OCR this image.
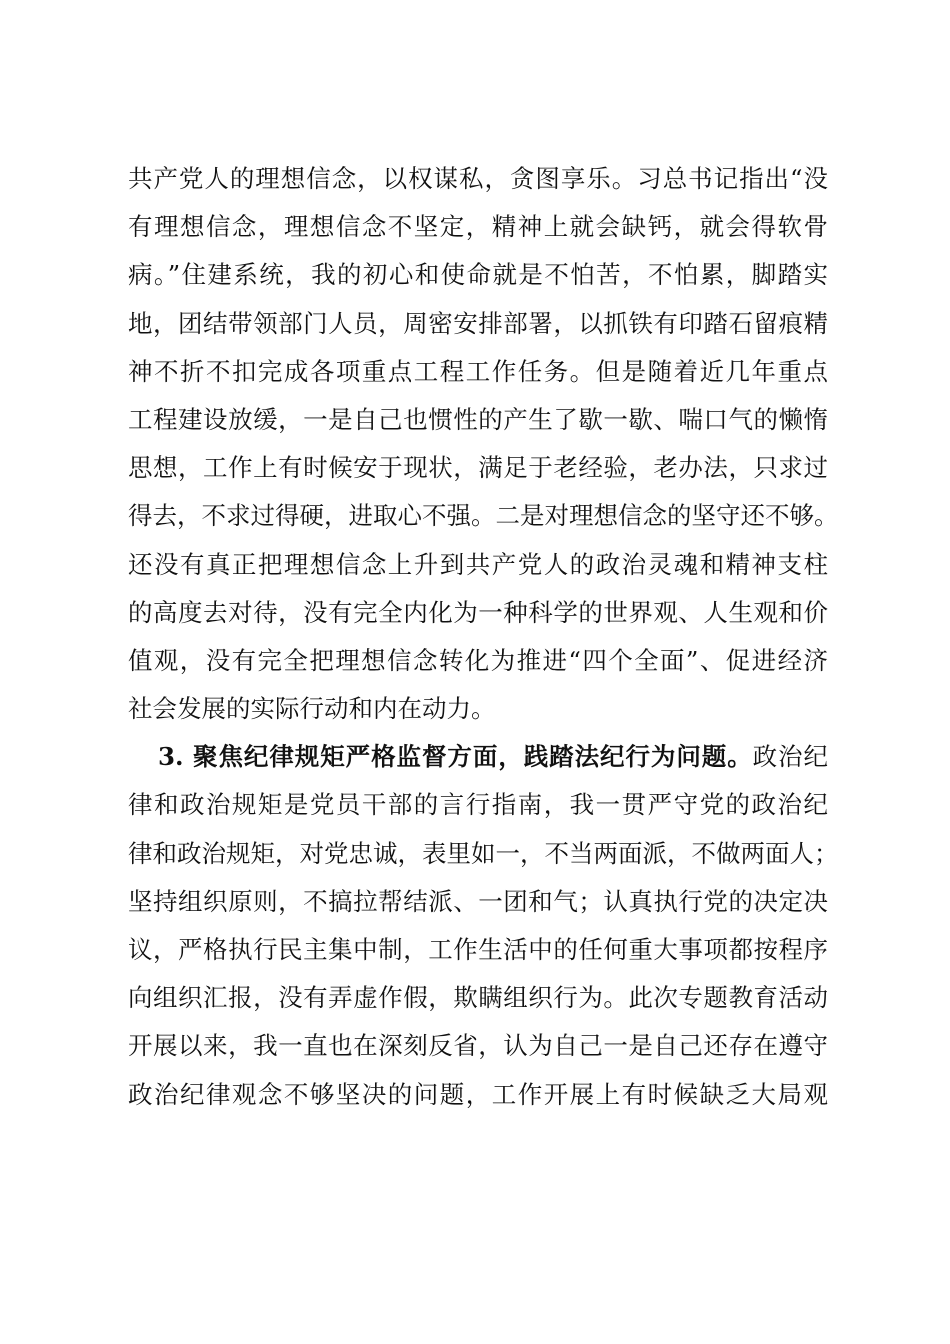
共产党人的理想信念，以权谋私，贪图享乐。习总书记指出“没
有理想信念，理想信念不坚定，精神上就会缺钙，就会得软骨
病。”住建系统，我的初心和使命就是不怕苦，不怕累，脚踏实
地，团结带领部门人员，周密安排部署，以抓铁有印踏石留痕精
神不折不扣完成各项重点工程工作任务。但是随着近几年重点
工程建设放缓，一是自己也惯性的产生了歇一歇、喘口气的懒惰
思想，工作上有时候安于现状，满足于老经验，老办法，只求过
得去，不求过得硬，进取心不强。二是对理想信念的坚守还不够。
还没有真正把理想信念上升到共产党人的政治灵魂和精神支柱
的高度去对待，没有完全内化为一种科学的世界观、人生观和价
值观，没有完全把理想信念转化为推进“四个全面”、促进经济
社会发展的实际行动和内在动力。
3. 聚焦纪律规矩严格监督方面，践踏法纪行为问题。政治纪
律和政治规矩是党员干部的言行指南，我一贯严守党的政治纪
律和政治规矩，对党忠诚，表里如一，不当两面派，不做两面人；
坚持组织原则，不搞拉帮结派、一团和气；认真执行党的决定决
议，严格执行民主集中制，工作生活中的任何重大事项都按程序
向组织汇报，没有弄虚作假，欺瞒组织行为。此次专题教育活动
开展以来，我一直也在深刻反省，认为自己一是自己还存在遵守
政治纪律观念不够坚决的问题，工作开展上有时候缺乏大局观
